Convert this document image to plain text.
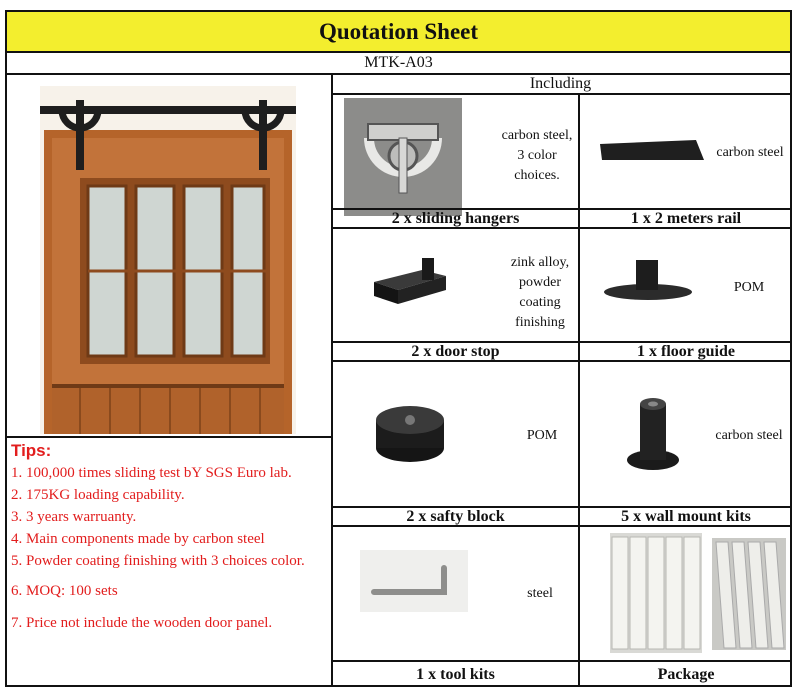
Quotation Sheet
MTK-A03
Including
Tips:

1. 100,000 times sliding test bY SGS Euro lab.

2. 175KG loading capability.

3. 3 years warruanty.

4. Main components made by carbon steel

5. Powder coating finishing with 3 choices color.

6. MOQ: 100 sets

7. Price not include the wooden door panel.

carbon steel,
3 color
choices.
2 x sliding hangers
carbon steel
1 x 2 meters rail
zink alloy,
powder
coating
finishing
2 x door stop
POM
1 x floor guide
POM
2 x safty block
carbon steel
5 x wall mount kits
steel
1 x tool kits	Package
